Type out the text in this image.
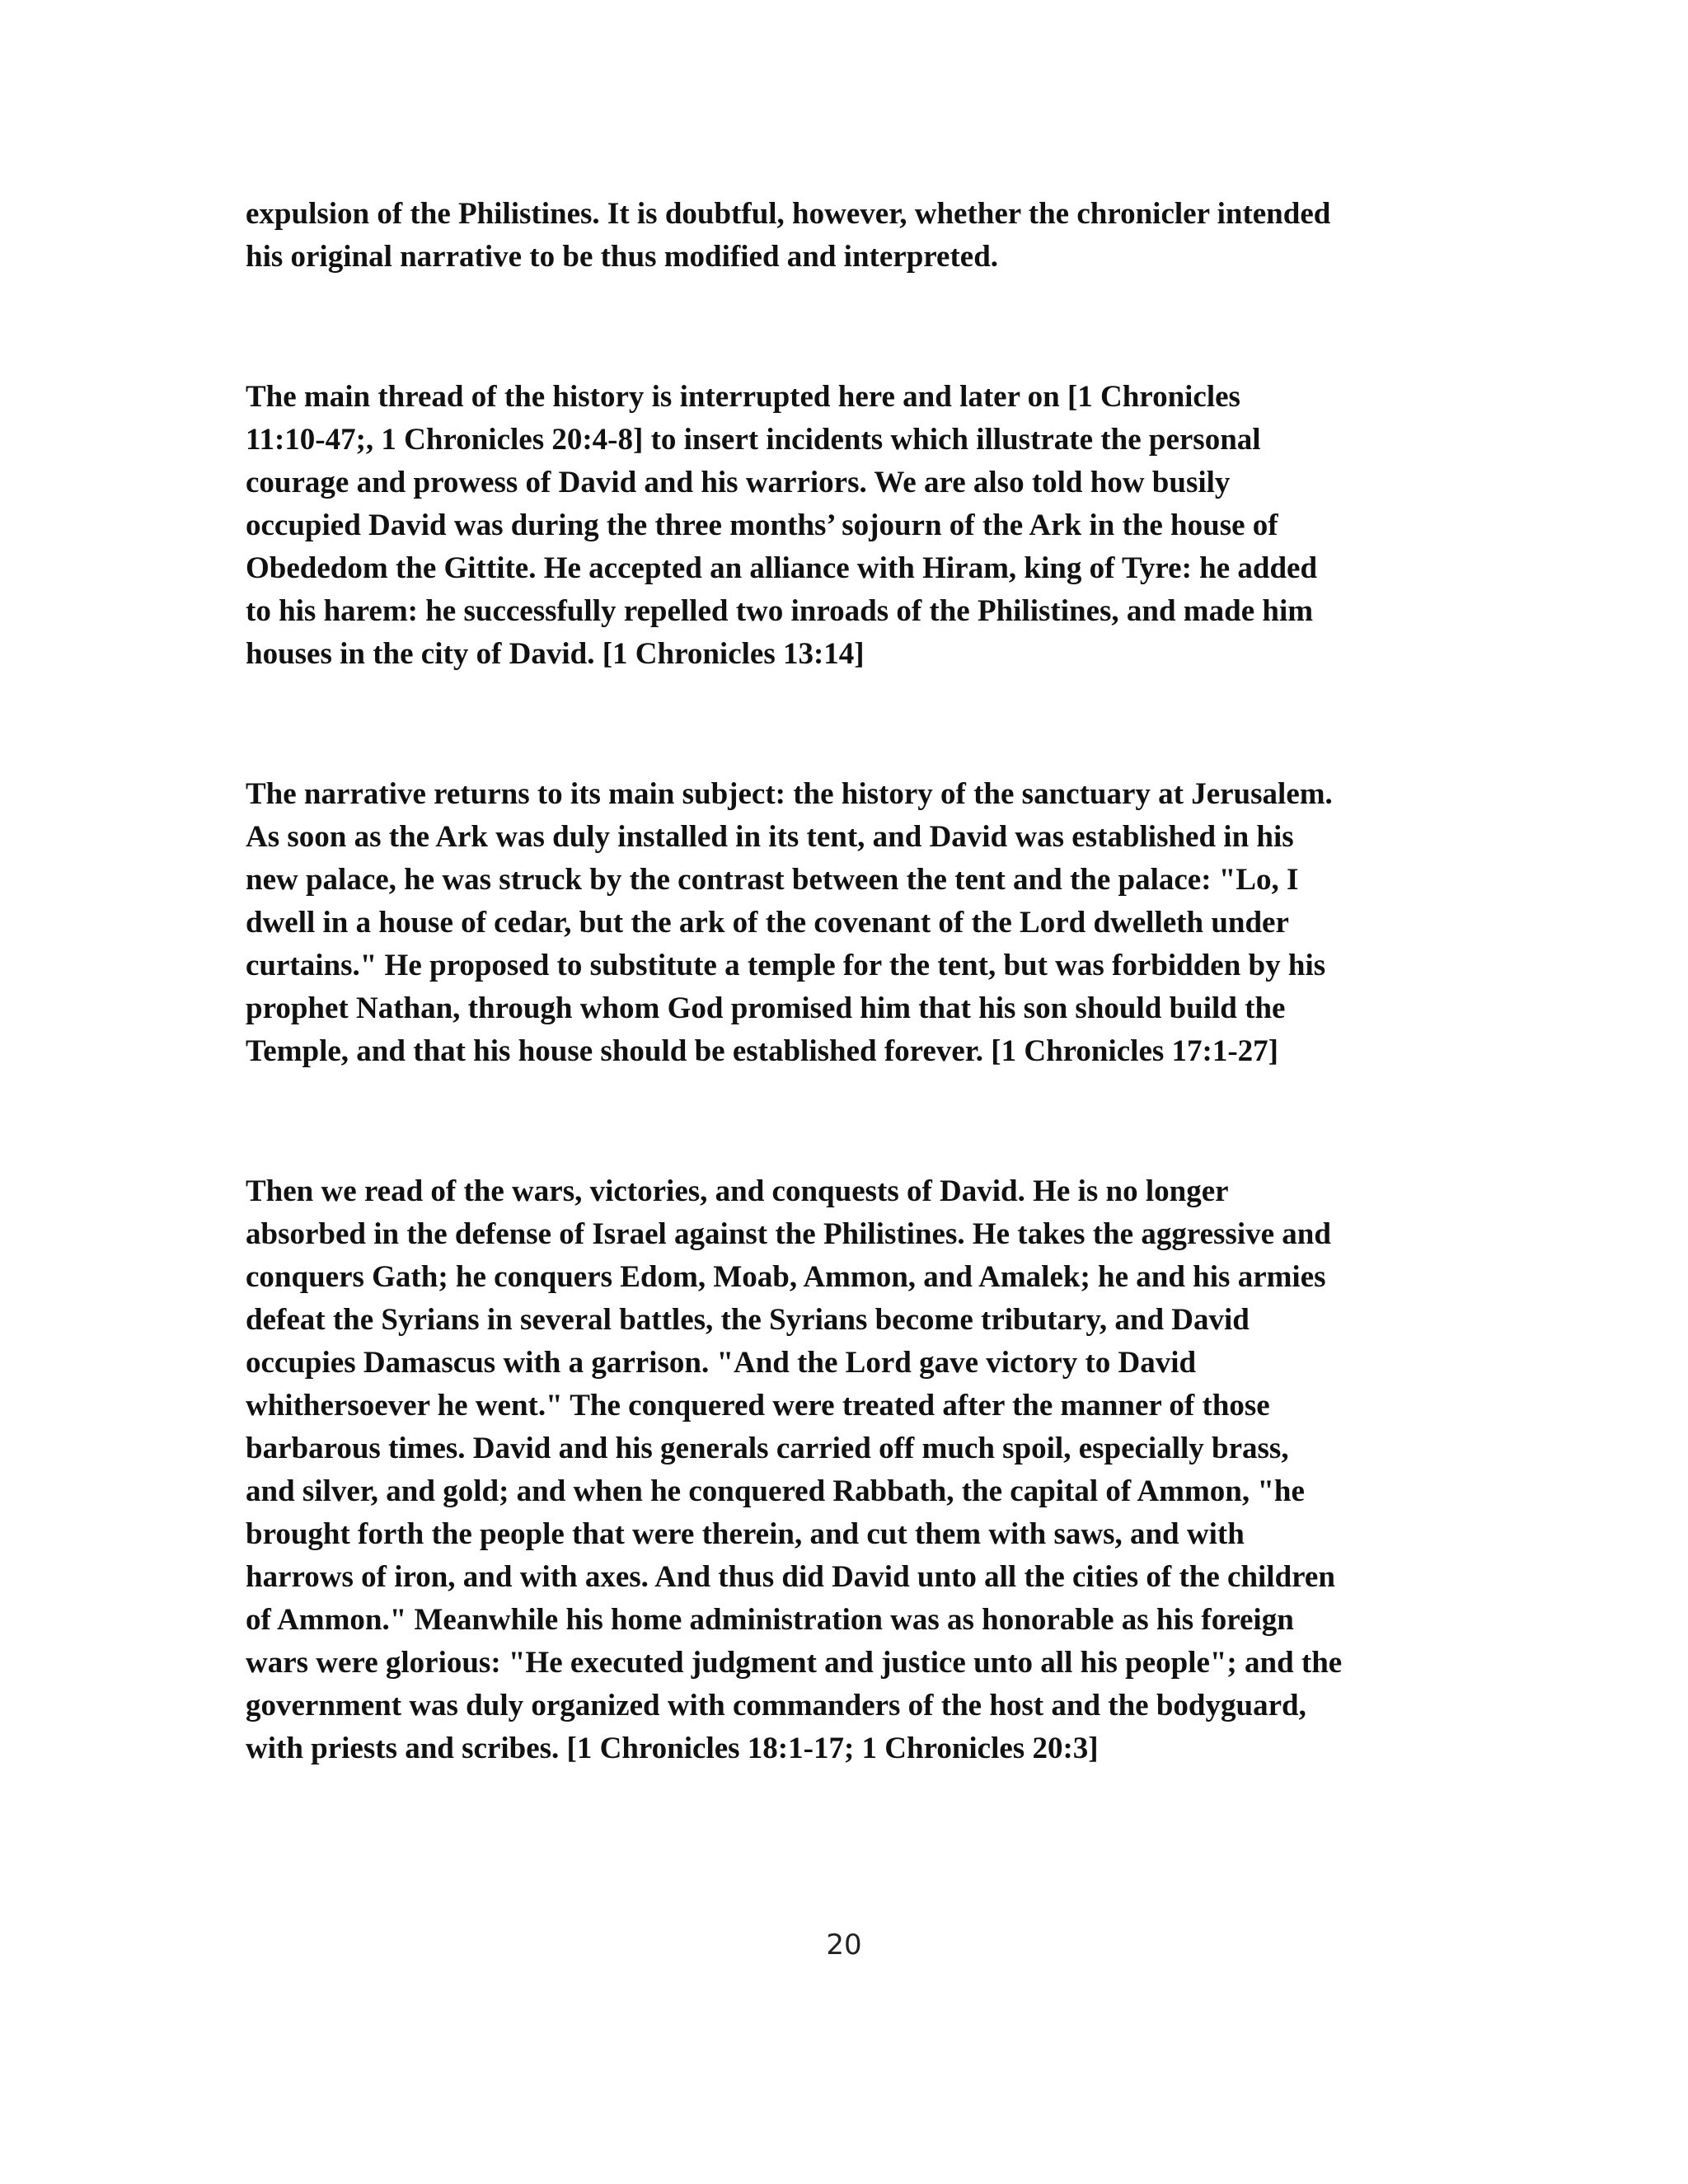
expulsion of the Philistines. It is doubtful, however, whether the chronicler intended

his original narrative to be thus modified and interpreted.

The main thread of the history is interrupted here and later on [1 Chronicles

11:10-47;, 1 Chronicles 20:4-8] to insert incidents which illustrate the personal

courage and prowess of David and his warriors. We are also told how busily

occupied David was during the three months’ sojourn of the Ark in the house of

Obededom the Gittite. He accepted an alliance with Hiram, king of Tyre: he added

to his harem: he successfully repelled two inroads of the Philistines, and made him

houses in the city of David. [1 Chronicles 13:14]

The narrative returns to its main subject: the history of the sanctuary at Jerusalem.

As soon as the Ark was duly installed in its tent, and David was established in his

new palace, he was struck by the contrast between the tent and the palace: "Lo, I

dwell in a house of cedar, but the ark of the covenant of the Lord dwelleth under

curtains." He proposed to substitute a temple for the tent, but was forbidden by his

prophet Nathan, through whom God promised him that his son should build the

Temple, and that his house should be established forever. [1 Chronicles 17:1-27]

Then we read of the wars, victories, and conquests of David. He is no longer

absorbed in the defense of Israel against the Philistines. He takes the aggressive and

conquers Gath; he conquers Edom, Moab, Ammon, and Amalek; he and his armies

defeat the Syrians in several battles, the Syrians become tributary, and David

occupies Damascus with a garrison. "And the Lord gave victory to David

whithersoever he went." The conquered were treated after the manner of those

barbarous times. David and his generals carried off much spoil, especially brass,

and silver, and gold; and when he conquered Rabbath, the capital of Ammon, "he

brought forth the people that were therein, and cut them with saws, and with

harrows of iron, and with axes. And thus did David unto all the cities of the children

of Ammon." Meanwhile his home administration was as honorable as his foreign

wars were glorious: "He executed judgment and justice unto all his people"; and the

government was duly organized with commanders of the host and the bodyguard,

with priests and scribes. [1 Chronicles 18:1-17; 1 Chronicles 20:3]

20
